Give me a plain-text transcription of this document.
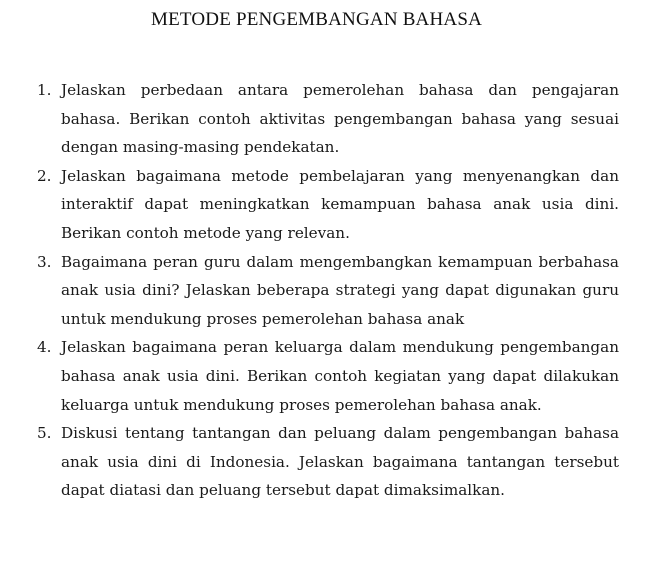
METODE PENGEMBANGAN BAHASA
1. Jelaskan perbedaan antara pemerolehan bahasa dan pengajaran bahasa. Berikan contoh aktivitas pengembangan bahasa yang sesuai dengan masing-masing pendekatan.
2. Jelaskan bagaimana metode pembelajaran yang menyenangkan dan interaktif dapat meningkatkan kemampuan bahasa anak usia dini. Berikan contoh metode yang relevan.
3. Bagaimana peran guru dalam mengembangkan kemampuan berbahasa anak usia dini? Jelaskan beberapa strategi yang dapat digunakan guru untuk mendukung proses pemerolehan bahasa anak
4. Jelaskan bagaimana peran keluarga dalam mendukung pengembangan bahasa anak usia dini. Berikan contoh kegiatan yang dapat dilakukan keluarga untuk mendukung proses pemerolehan bahasa anak.
5. Diskusi tentang tantangan dan peluang dalam pengembangan bahasa anak usia dini di Indonesia. Jelaskan bagaimana tantangan tersebut dapat diatasi dan peluang tersebut dapat dimaksimalkan.
